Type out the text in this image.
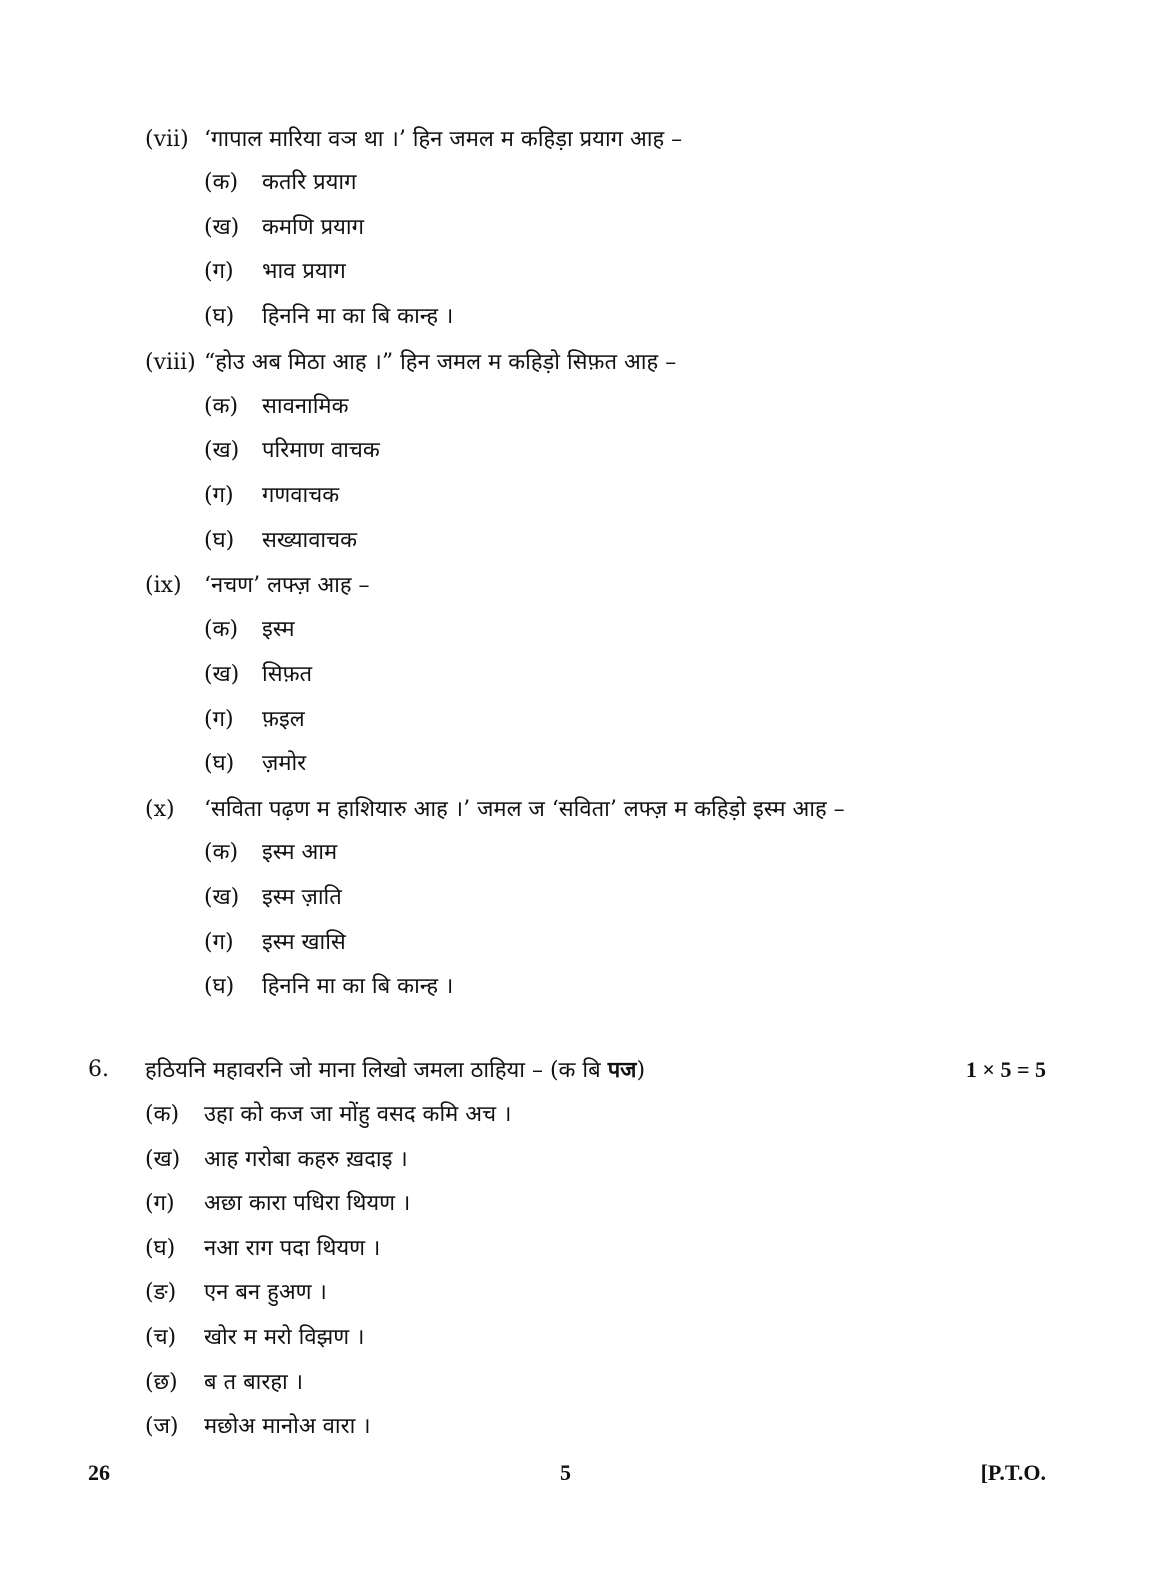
(vii) ‘गापाल मारिया वञ था ।’ हिन जमल म कहिड़ा प्रयाग आह –
(क) कतरि प्रयाग
(ख) कमणि प्रयाग
(ग) भाव प्रयाग
(घ) हिननि मा का बि कान्ह ।
(viii) “होउ अब मिठा आह ।” हिन जमल म कहिड़ो सिफ़त आह –
(क) सावनामिक
(ख) परिमाण वाचक
(ग) गणवाचक
(घ) सख्यावाचक
(ix) ‘नचण’ लफ्ज़ आह –
(क) इस्म
(ख) सिफ़त
(ग) फ़इल
(घ) ज़मोर
(x) ‘सविता पढ़ण म हाशियारु आह ।’ जमल ज ‘सविता’ लफ्ज़ म कहिड़ो इस्म आह –
(क) इस्म आम
(ख) इस्म ज़ाति
(ग) इस्म खासि
(घ) हिननि मा का बि कान्ह ।
6. हठियनि महावरनि जो माना लिखो जमला ठाहिया – (क बि पज)	1 × 5 = 5
(क) उहा को कज जा मोंहु वसद कमि अच ।
(ख) आह गरोबा कहरु ख़दाइ ।
(ग) अछा कारा पधिरा थियण ।
(घ) नआ राग पदा थियण ।
(ङ) एन बन हुअण ।
(च) खोर म मरो विझण ।
(छ) ब त बारहा ।
(ज) मछोअ मानोअ वारा ।
26	5	[P.T.O.
